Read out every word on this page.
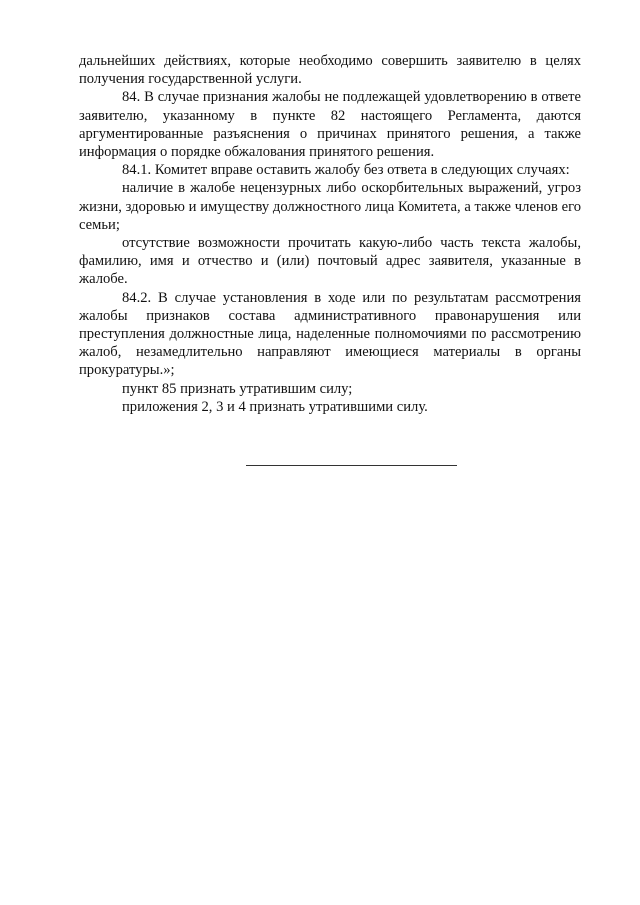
дальнейших действиях, которые необходимо совершить заявителю в целях получения государственной услуги.

84. В случае признания жалобы не подлежащей удовлетворению в ответе заявителю, указанному в пункте 82 настоящего Регламента, даются аргументированные разъяснения о причинах принятого решения, а также информация о порядке обжалования принятого решения.

84.1. Комитет вправе оставить жалобу без ответа в следующих случаях:

наличие в жалобе нецензурных либо оскорбительных выражений, угроз жизни, здоровью и имуществу должностного лица Комитета, а также членов его семьи;

отсутствие возможности прочитать какую-либо часть текста жалобы, фамилию, имя и отчество и (или) почтовый адрес заявителя, указанные в жалобе.

84.2. В случае установления в ходе или по результатам рассмотрения жалобы признаков состава административного правонарушения или преступления должностные лица, наделенные полномочиями по рассмотрению жалоб, незамедлительно направляют имеющиеся материалы в органы прокуратуры.»;

пункт 85 признать утратившим силу;

приложения 2, 3 и 4 признать утратившими силу.
